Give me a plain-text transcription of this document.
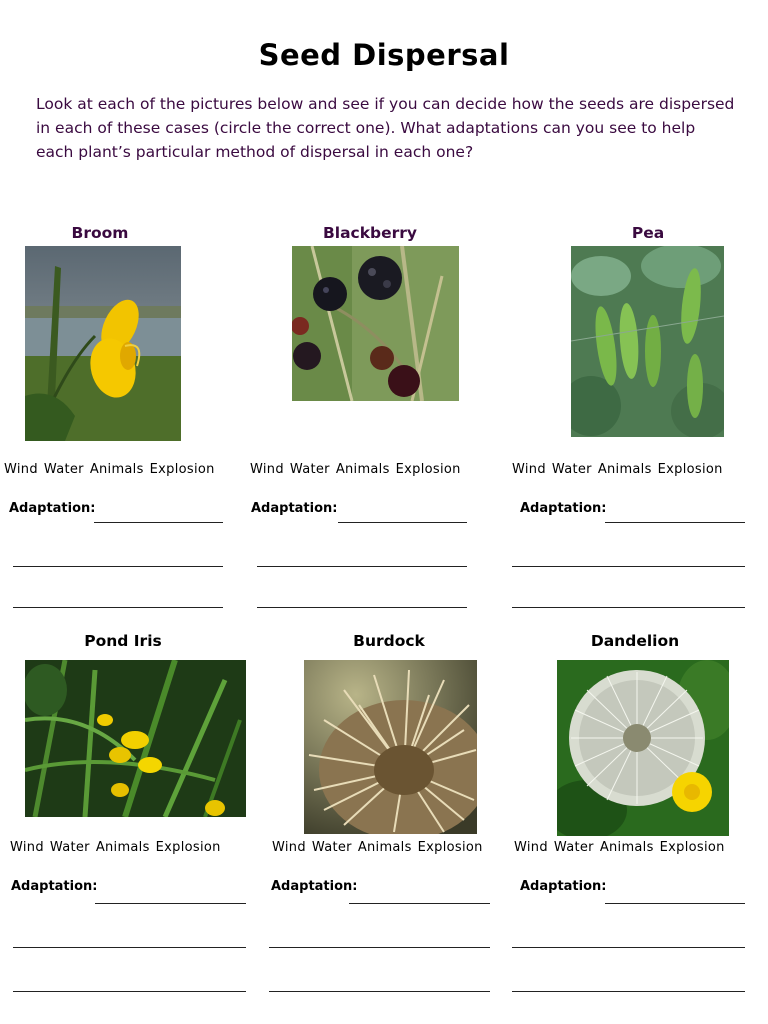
Seed Dispersal
Look at each of the pictures below and see if you can decide how the seeds are dispersed in each of these cases (circle the correct one). What adaptations can you see to help each plant’s particular method of dispersal in each one?
Broom
Wind Water Animals Explosion
Adaptation:
Blackberry
Wind Water Animals Explosion
Adaptation:
Pea
Wind Water Animals Explosion
Adaptation:
Pond Iris
Wind Water Animals Explosion
Adaptation:
Burdock
Wind Water Animals Explosion
Adaptation:
Dandelion
Wind Water Animals Explosion
Adaptation:
